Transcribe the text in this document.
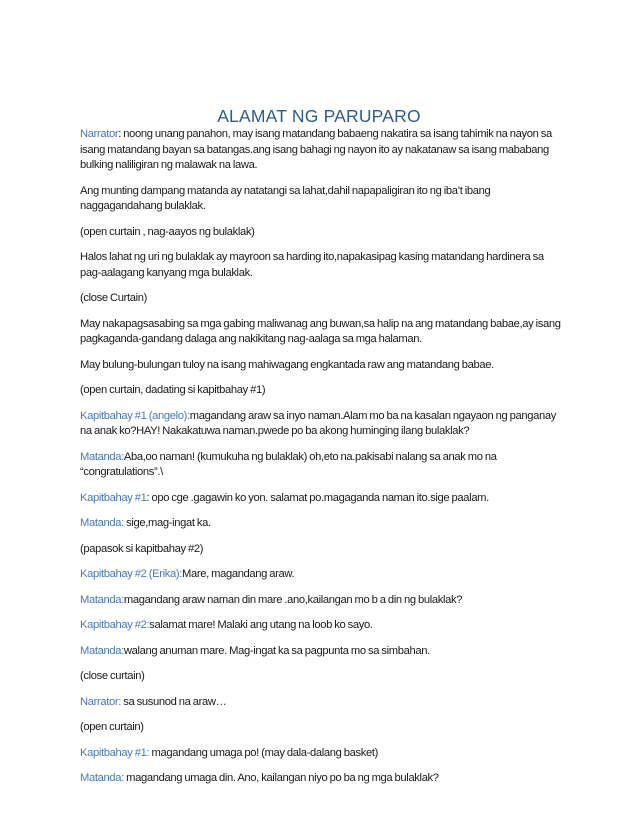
ALAMAT NG PARUPARO

Narrator: noong unang panahon, may isang matandang babaeng nakatira sa isang tahimik na nayon sa isang matandang bayan sa batangas.ang isang bahagi ng nayon ito ay nakatanaw sa isang mababang bulking naliligiran ng malawak na lawa.

Ang munting dampang matanda ay natatangi sa lahat,dahil napapaligiran ito ng iba’t ibang naggagandahang bulaklak.

(open curtain , nag-aayos ng bulaklak)

Halos lahat ng uri ng bulaklak ay mayroon sa harding ito,napakasipag kasing matandang hardinera sa pag-aalagang kanyang mga bulaklak.

(close Curtain)

May nakapagsasabing sa mga gabing maliwanag ang buwan,sa halip na ang matandang babae,ay isang pagkaganda-gandang dalaga ang nakikitang nag-aalaga sa mga halaman.

May bulung-bulungan tuloy na isang mahiwagang engkantada raw ang matandang babae.

(open curtain, dadating si kapitbahay #1)

Kapitbahay #1 (angelo):magandang araw sa inyo naman.Alam mo ba na kasalan ngayaon ng panganay na anak ko?HAY! Nakakatuwa naman.pwede po ba akong huminging ilang bulaklak?

Matanda:Aba,oo naman! (kumukuha ng bulaklak) oh,eto na.pakisabi nalang sa anak mo na “congratulations”.\

Kapitbahay #1: opo cge .gagawin ko yon. salamat po.magaganda naman ito.sige paalam.

Matanda: sige,mag-ingat ka.

(papasok si kapitbahay #2)

Kapitbahay #2 (Erika):Mare, magandang araw.

Matanda:magandang araw naman din mare .ano,kailangan mo b a din ng bulaklak?

Kapitbahay #2:salamat mare! Malaki ang utang na loob ko sayo.

Matanda:walang anuman mare. Mag-ingat ka sa pagpunta mo sa simbahan.

(close curtain)

Narrator: sa susunod na araw…

(open curtain)

Kapitbahay #1: magandang umaga po! (may dala-dalang basket)

Matanda: magandang umaga din. Ano, kailangan niyo po ba ng mga bulaklak?
